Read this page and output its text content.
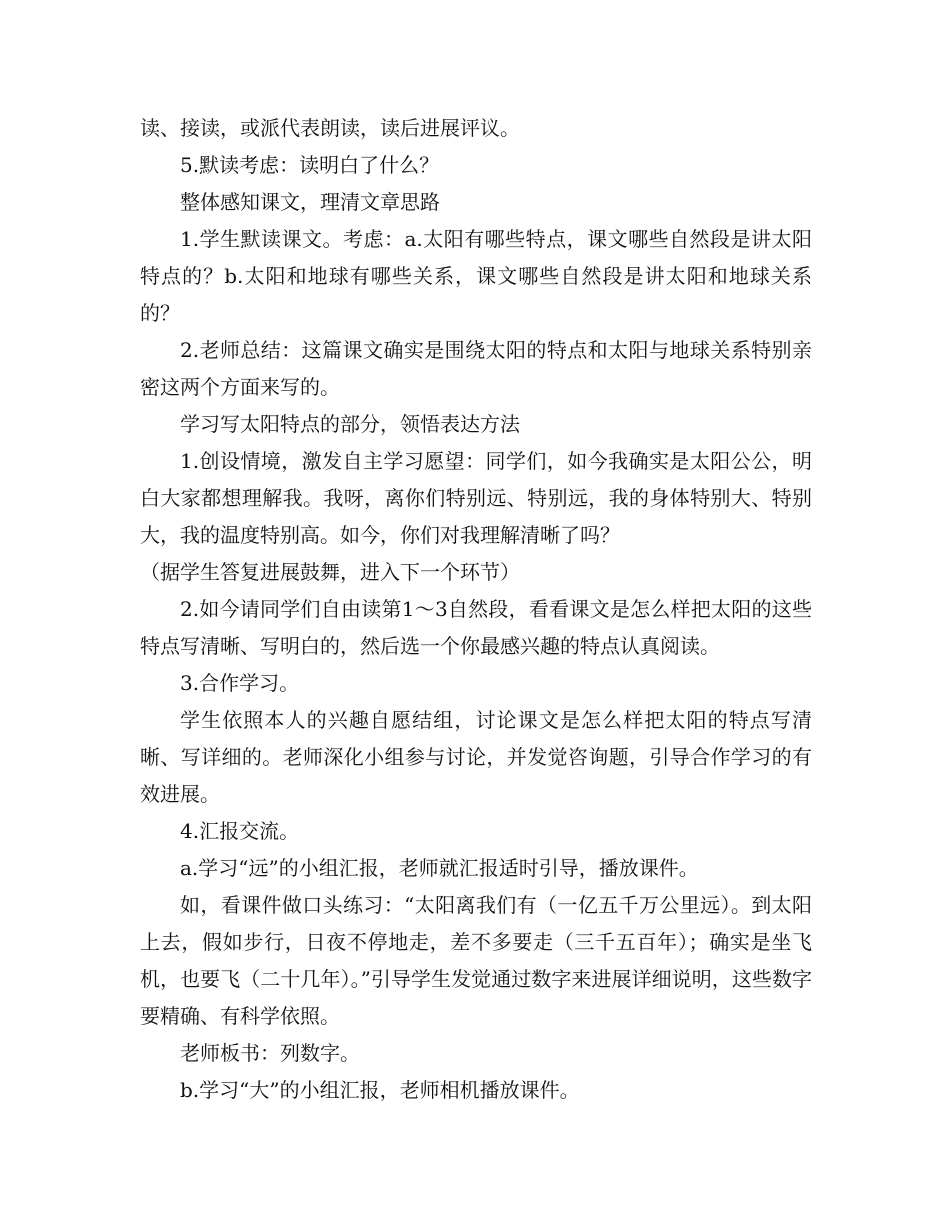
读、接读，或派代表朗读，读后进展评议。

5.默读考虑：读明白了什么？

整体感知课文，理清文章思路

1.学生默读课文。考虑：a.太阳有哪些特点，课文哪些自然段是讲太阳特点的？b.太阳和地球有哪些关系，课文哪些自然段是讲太阳和地球关系的？

2.老师总结：这篇课文确实是围绕太阳的特点和太阳与地球关系特别亲密这两个方面来写的。

学习写太阳特点的部分，领悟表达方法

1.创设情境，激发自主学习愿望：同学们，如今我确实是太阳公公，明白大家都想理解我。我呀，离你们特别远、特别远，我的身体特别大、特别大，我的温度特别高。如今，你们对我理解清晰了吗？

（据学生答复进展鼓舞，进入下一个环节）

2.如今请同学们自由读第1～3自然段，看看课文是怎么样把太阳的这些特点写清晰、写明白的，然后选一个你最感兴趣的特点认真阅读。

3.合作学习。

学生依照本人的兴趣自愿结组，讨论课文是怎么样把太阳的特点写清晰、写详细的。老师深化小组参与讨论，并发觉咨询题，引导合作学习的有效进展。

4.汇报交流。

a.学习“远”的小组汇报，老师就汇报适时引导，播放课件。

如，看课件做口头练习：“太阳离我们有（一亿五千万公里远）。到太阳上去，假如步行，日夜不停地走，差不多要走（三千五百年）；确实是坐飞机，也要飞（二十几年）。”引导学生发觉通过数字来进展详细说明，这些数字要精确、有科学依照。

老师板书：列数字。

b.学习“大”的小组汇报，老师相机播放课件。
